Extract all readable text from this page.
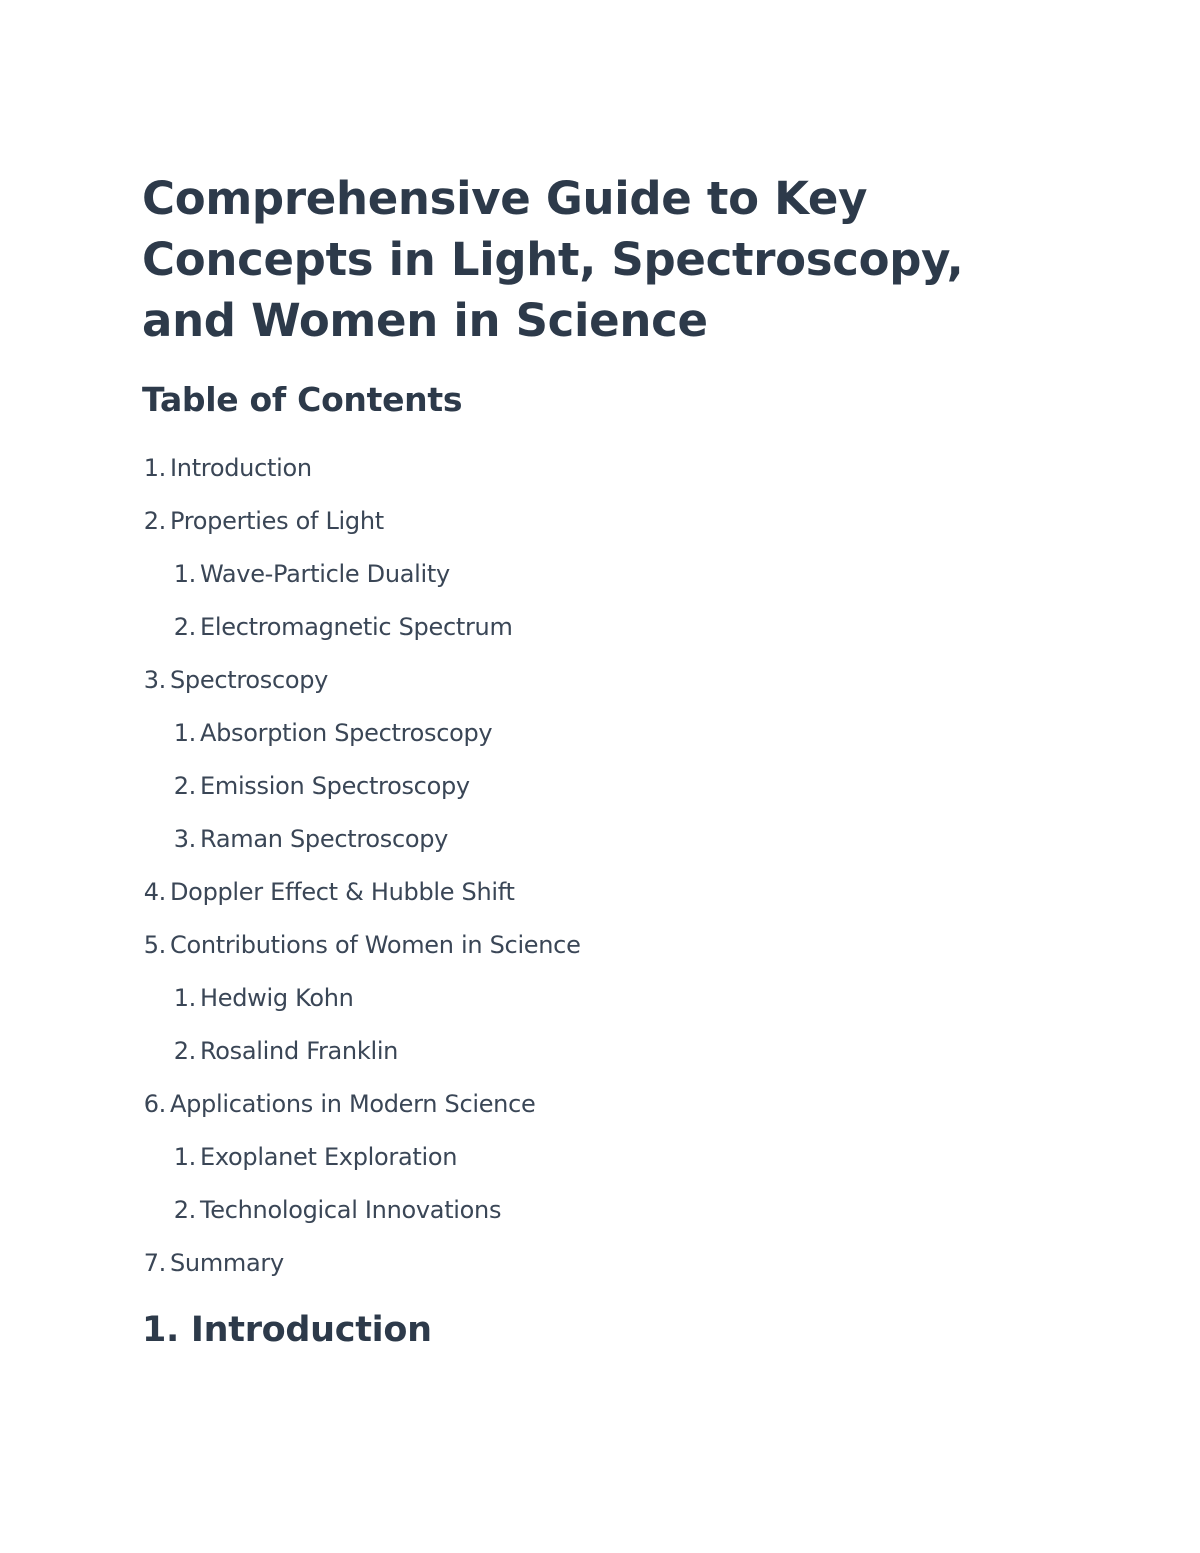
Comprehensive Guide to Key Concepts in Light, Spectroscopy, and Women in Science
Table of Contents
1. Introduction
2. Properties of Light
1. Wave-Particle Duality
2. Electromagnetic Spectrum
3. Spectroscopy
1. Absorption Spectroscopy
2. Emission Spectroscopy
3. Raman Spectroscopy
4. Doppler Effect & Hubble Shift
5. Contributions of Women in Science
1. Hedwig Kohn
2. Rosalind Franklin
6. Applications in Modern Science
1. Exoplanet Exploration
2. Technological Innovations
7. Summary
1. Introduction
